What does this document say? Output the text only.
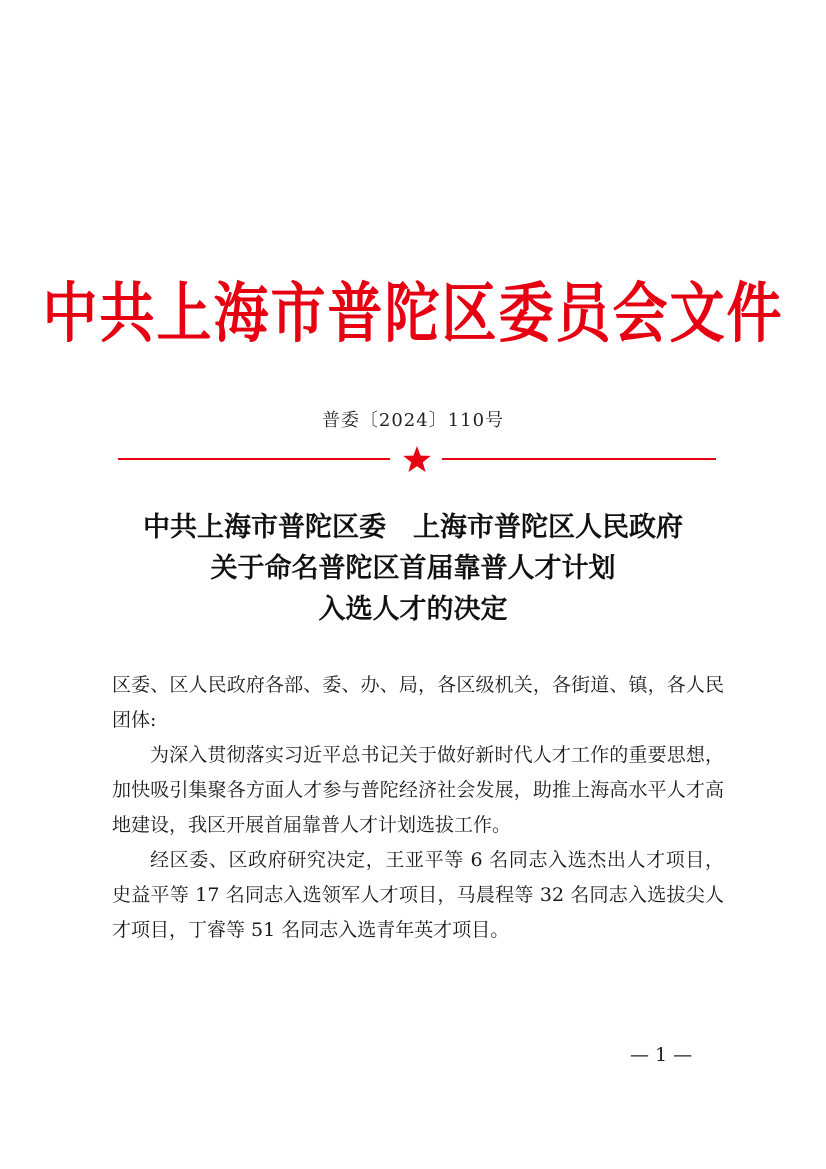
中共上海市普陀区委员会文件
普委〔2024〕110号
中共上海市普陀区委　上海市普陀区人民政府
关于命名普陀区首届靠普人才计划
入选人才的决定

区委、区人民政府各部、委、办、局，各区级机关，各街道、镇，各人民团体:

为深入贯彻落实习近平总书记关于做好新时代人才工作的重要思想，加快吸引集聚各方面人才参与普陀经济社会发展，助推上海高水平人才高地建设，我区开展首届靠普人才计划选拔工作。

经区委、区政府研究决定，王亚平等 6 名同志入选杰出人才项目，史益平等 17 名同志入选领军人才项目，马晨程等 32 名同志入选拔尖人才项目，丁睿等 51 名同志入选青年英才项目。

— 1 —
